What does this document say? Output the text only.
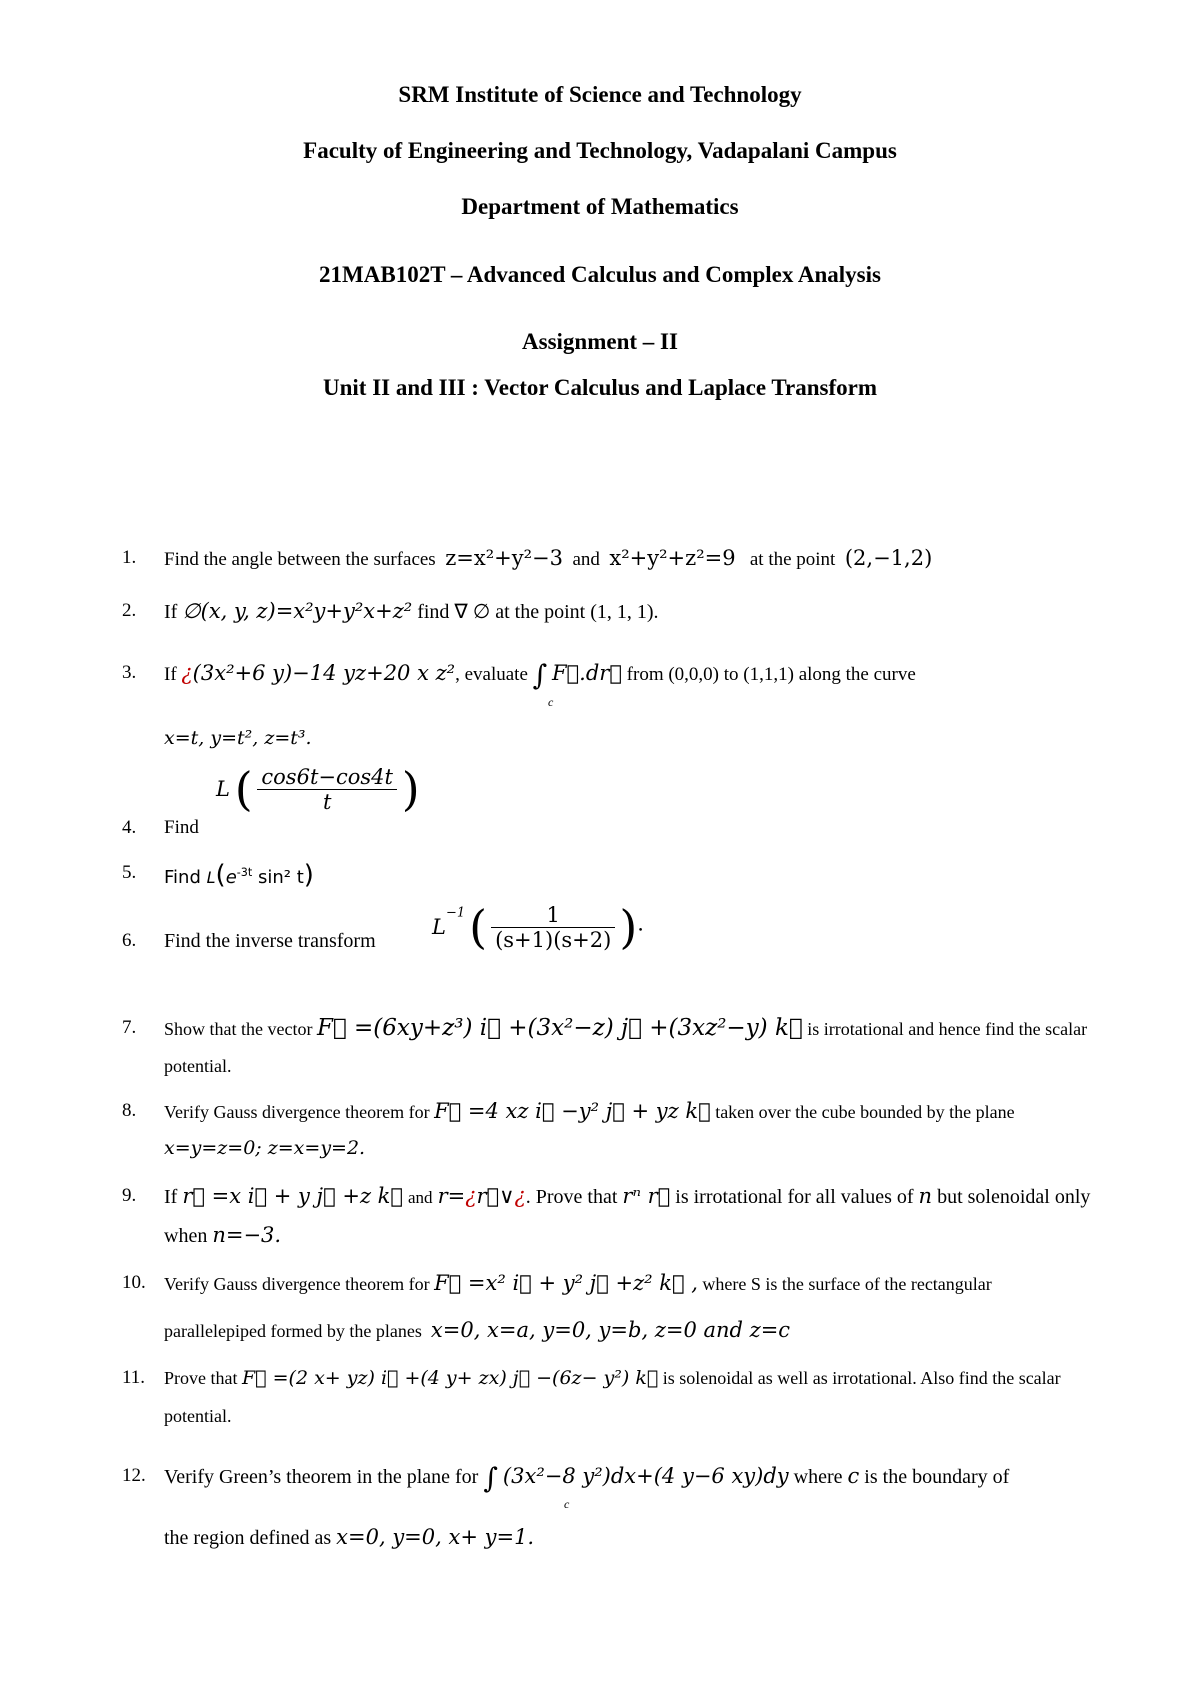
SRM Institute of Science and Technology
Faculty of Engineering and Technology, Vadapalani Campus
Department of Mathematics
21MAB102T – Advanced Calculus and Complex Analysis
Assignment – II
Unit II and III : Vector Calculus and Laplace Transform
1.	Find the angle between the surfaces z=x²+y²−3 and x²+y²+z²=9 at the point (2,−1,2)
2.	If ∅(x, y, z)=x²y+y²x+z² find ∇ ∅ at the point (1, 1, 1).
3.	If ¿(3x²+6 y)−14 yz+20 x z², evaluate ∫ F⃗.dr⃗ from (0,0,0) to (1,1,1) along the curve
c
x=t, y=t², z=t³.
4.	Find
L ( $\frac{\cos 6t-\cos 4t}{t}$ )
5.	Find $L(e^{-3t}$ sin² t)
6.	Find the inverse transform
$L^{-1}$ ( $\frac{1}{(s+1)(s+2)}$ ).
7.	Show that the vector F⃗ =(6xy+z³) i⃗ +(3x²−z) j⃗ +(3xz²−y) k⃗ is irrotational and hence find the scalar
potential.
8.	Verify Gauss divergence theorem for F⃗ =4 xz i⃗ −y² j⃗ + yz k⃗ taken over the cube bounded by the plane
x=y=z=0; z=x=y=2.
9.	If r⃗ =x i⃗ + y j⃗ +z k⃗ and r=¿r⃗∨¿. Prove that rⁿ r⃗ is irrotational for all values of n but solenoidal only
when n=−3.
10.	Verify Gauss divergence theorem for F⃗ =x² i⃗ + y² j⃗ +z² k⃗ , where S is the surface of the rectangular
parallelepiped formed by the planes x=0, x=a, y=0, y=b, z=0 and z=c
11.	Prove that F⃗ =(2 x+ yz) i⃗ +(4 y+ zx) j⃗ −(6z− y²) k⃗ is solenoidal as well as irrotational. Also find the scalar
potential.
12. Verify Green’s theorem in the plane for ∫ (3x²−8 y²)dx+(4 y−6 xy)dy where c is the boundary of
c
the region defined as x=0, y=0, x+ y=1.
